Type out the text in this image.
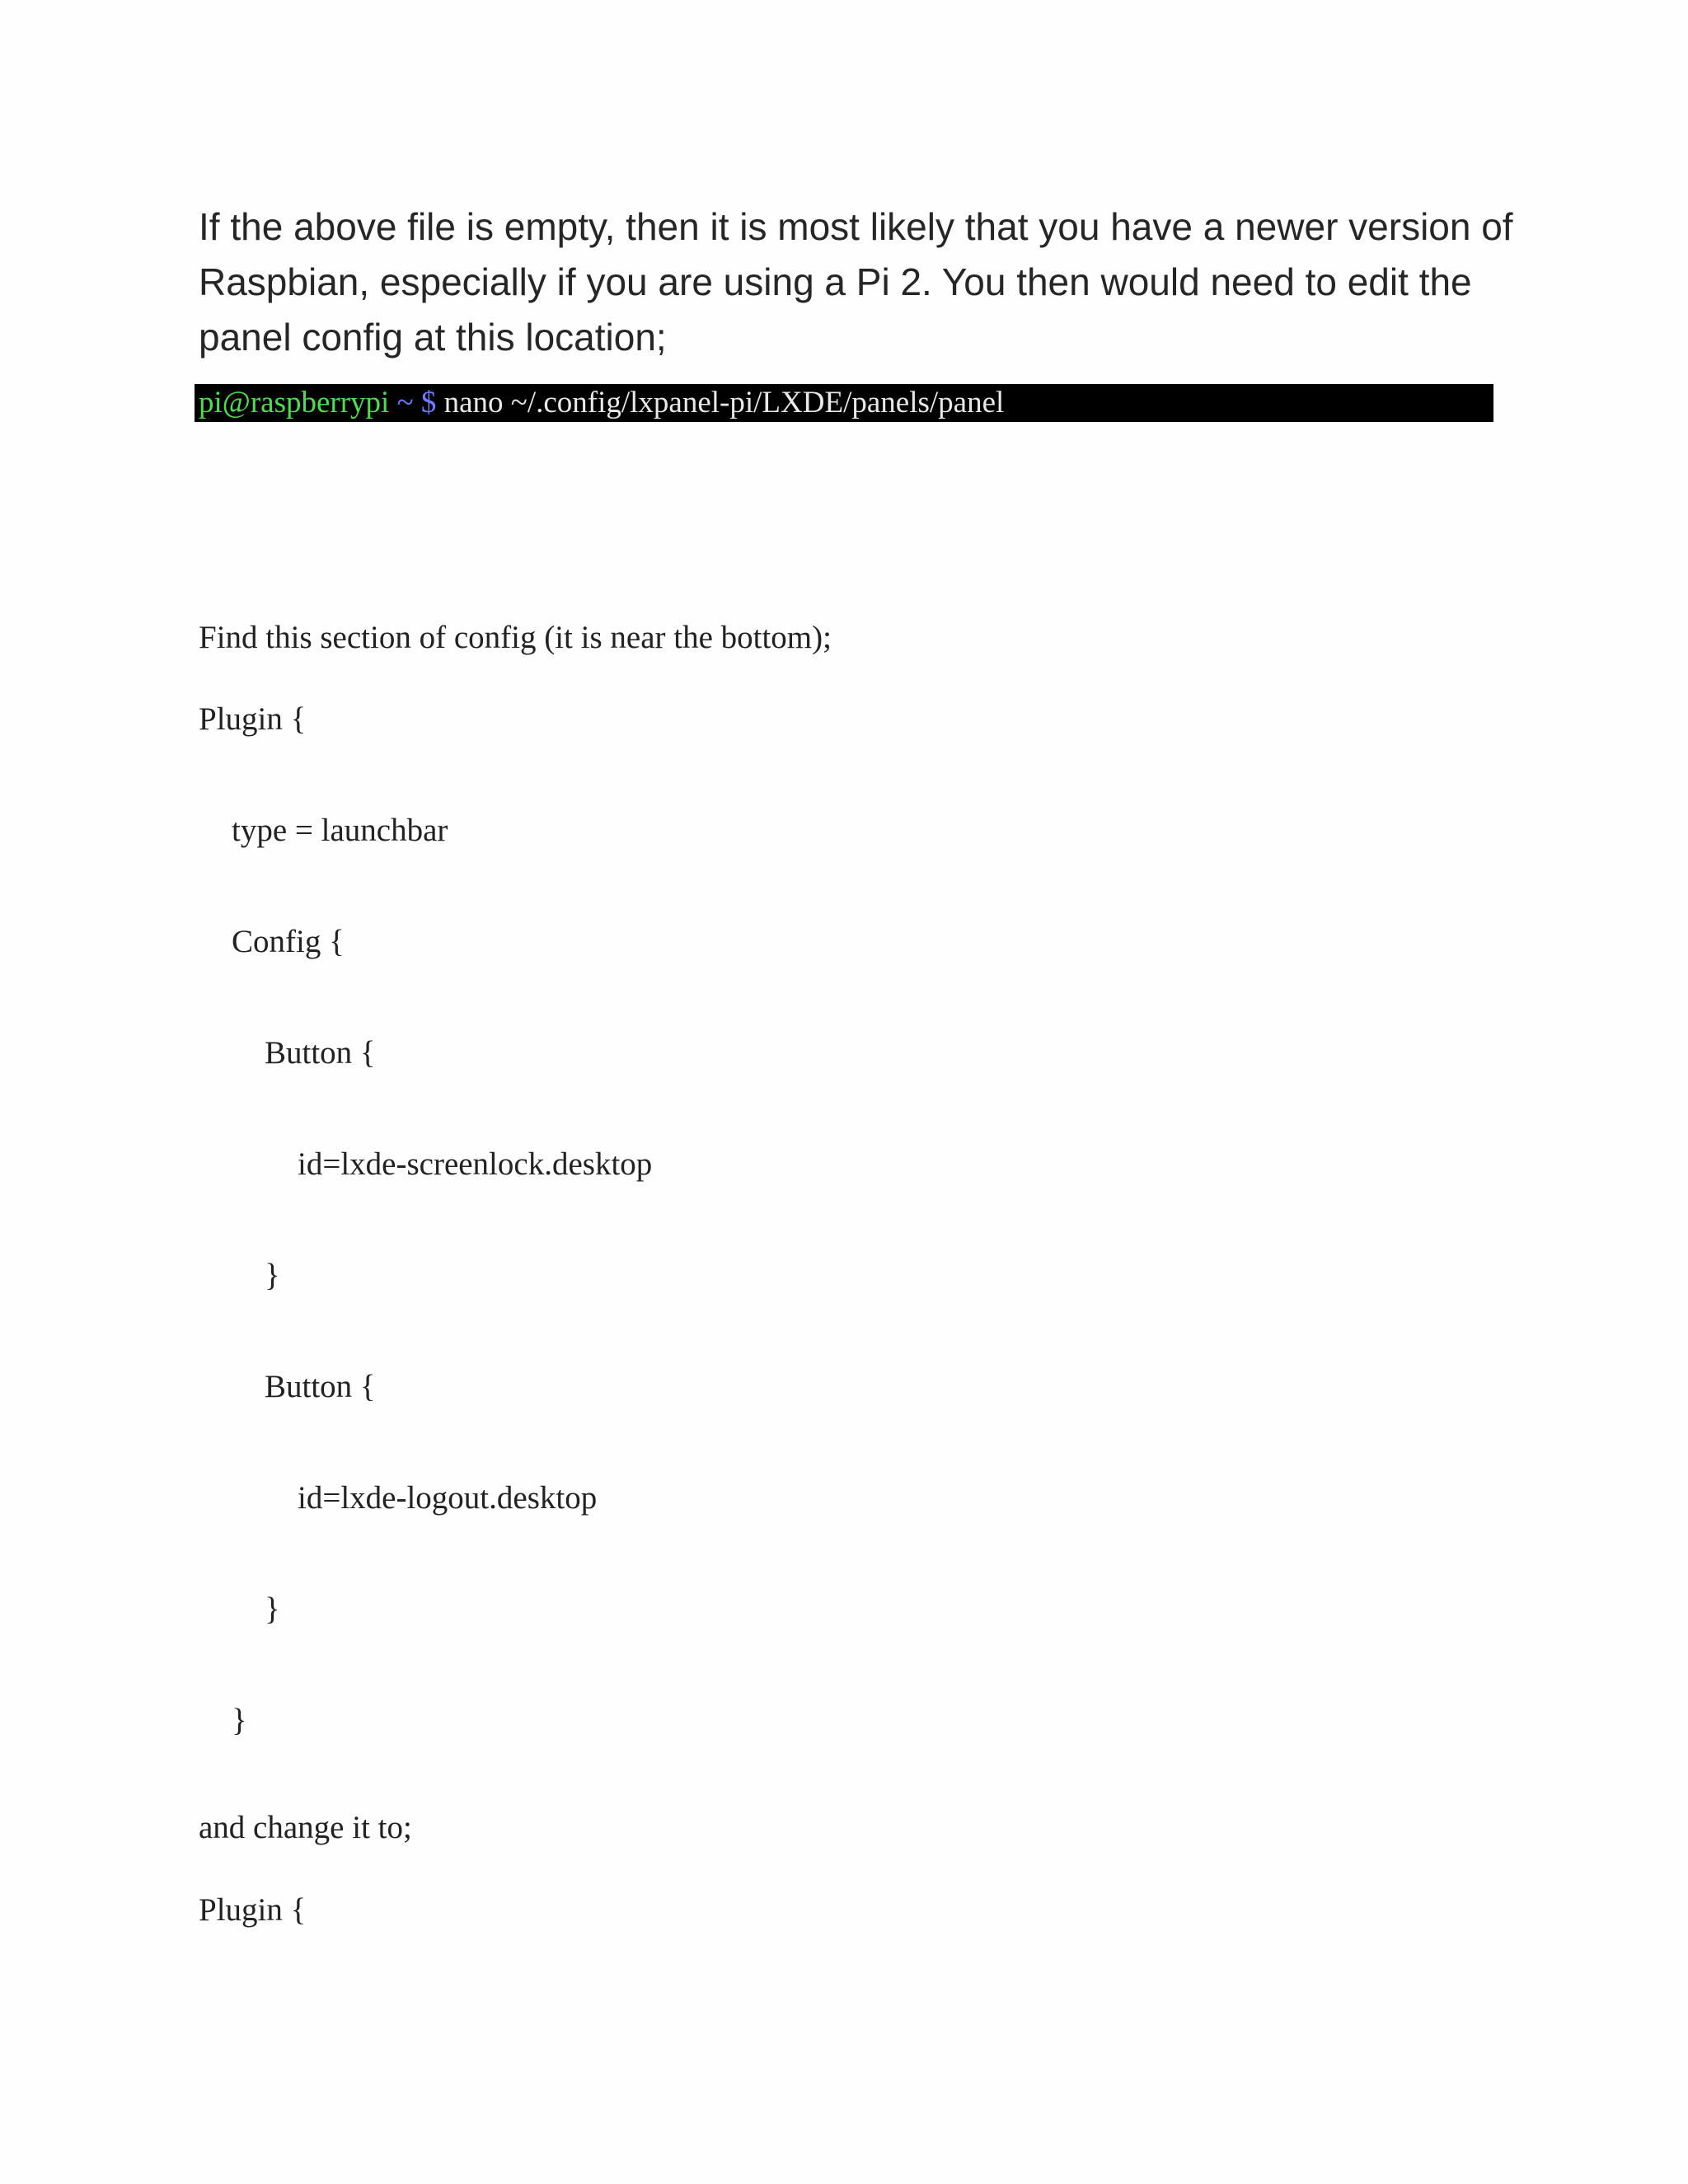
If the above file is empty, then it is most likely that you have a newer version of Raspbian, especially if you are using a Pi 2. You then would need to edit the panel config at this location;

pi@raspberrypi ~ $ nano ~/.config/lxpanel-pi/LXDE/panels/panel

Find this section of config (it is near the bottom);

Plugin {

type = launchbar

Config {

Button {

id=lxde-screenlock.desktop

}

Button {

id=lxde-logout.desktop

}

}

and change it to;

Plugin {
